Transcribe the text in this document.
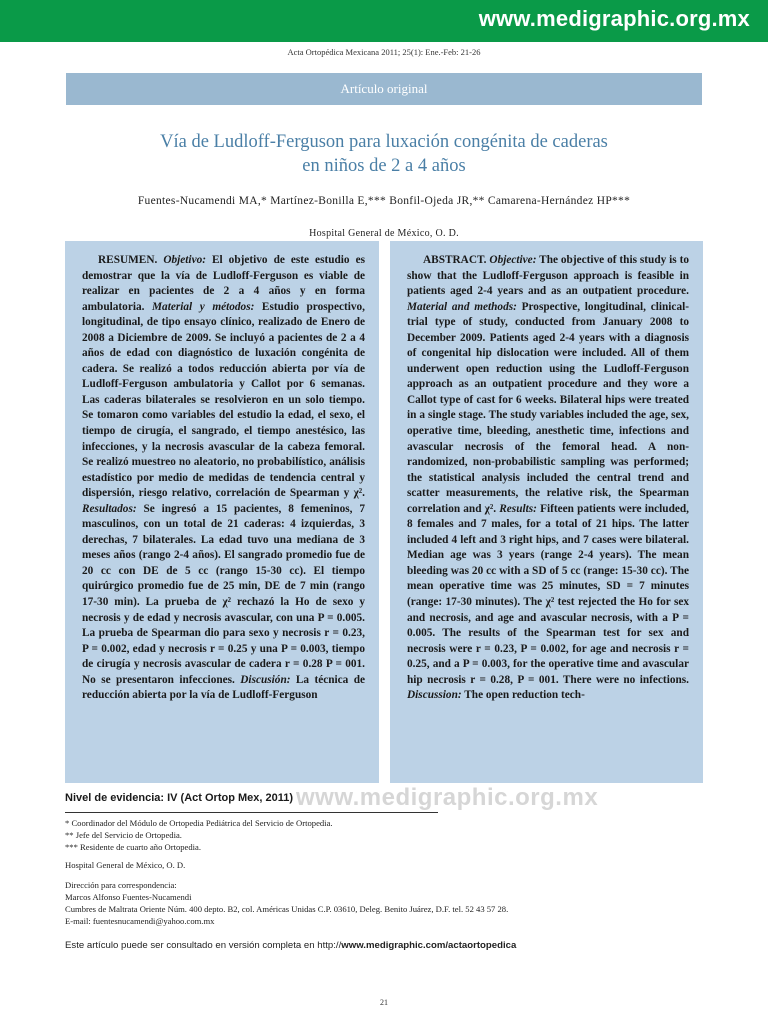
www.medigraphic.org.mx
Acta Ortopédica Mexicana 2011; 25(1): Ene.-Feb: 21-26
Artículo original
Vía de Ludloff-Ferguson para luxación congénita de caderas
en niños de 2 a 4 años
Fuentes-Nucamendi MA,* Martínez-Bonilla E,*** Bonfil-Ojeda JR,** Camarena-Hernández HP***
Hospital General de México, O. D.

RESUMEN. Objetivo: El objetivo de este estudio es demostrar que la vía de Ludloff-Ferguson es viable de realizar en pacientes de 2 a 4 años y en forma ambulatoria. Material y métodos: Estudio prospectivo, longitudinal, de tipo ensayo clínico, realizado de Enero de 2008 a Diciembre de 2009. Se incluyó a pacientes de 2 a 4 años de edad con diagnóstico de luxación congénita de cadera. Se realizó a todos reducción abierta por vía de Ludloff-Ferguson ambulatoria y Callot por 6 semanas. Las caderas bilaterales se resolvieron en un solo tiempo. Se tomaron como variables del estudio la edad, el sexo, el tiempo de cirugía, el sangrado, el tiempo anestésico, las infecciones, y la necrosis avascular de la cabeza femoral. Se realizó muestreo no aleatorio, no probabilístico, análisis estadístico por medio de medidas de tendencia central y dispersión, riesgo relativo, correlación de Spearman y χ². Resultados: Se ingresó a 15 pacientes, 8 femeninos, 7 masculinos, con un total de 21 caderas: 4 izquierdas, 3 derechas, 7 bilaterales. La edad tuvo una mediana de 3 meses años (rango 2-4 años). El sangrado promedio fue de 20 cc con DE de 5 cc (rango 15-30 cc). El tiempo quirúrgico promedio fue de 25 min, DE de 7 min (rango 17-30 min). La prueba de χ² rechazó la Ho de sexo y necrosis y de edad y necrosis avascular, con una P = 0.005. La prueba de Spearman dio para sexo y necrosis r = 0.23, P = 0.002, edad y necrosis r = 0.25 y una P = 0.003, tiempo de cirugía y necrosis avascular de cadera r = 0.28 P = 001. No se presentaron infecciones. Discusión: La técnica de reducción abierta por la vía de Ludloff-Ferguson

ABSTRACT. Objective: The objective of this study is to show that the Ludloff-Ferguson approach is feasible in patients aged 2-4 years and as an outpatient procedure. Material and methods: Prospective, longitudinal, clinical-trial type of study, conducted from January 2008 to December 2009. Patients aged 2-4 years with a diagnosis of congenital hip dislocation were included. All of them underwent open reduction using the Ludloff-Ferguson approach as an outpatient procedure and they wore a Callot type of cast for 6 weeks. Bilateral hips were treated in a single stage. The study variables included the age, sex, operative time, bleeding, anesthetic time, infections and avascular necrosis of the femoral head. A non-randomized, non-probabilistic sampling was performed; the statistical analysis included the central trend and scatter measurements, the relative risk, the Spearman correlation and χ². Results: Fifteen patients were included, 8 females and 7 males, for a total of 21 hips. The latter included 4 left and 3 right hips, and 7 cases were bilateral. Median age was 3 years (range 2-4 years). The mean bleeding was 20 cc with a SD of 5 cc (range: 15-30 cc). The mean operative time was 25 minutes, SD = 7 minutes (range: 17-30 minutes). The χ² test rejected the Ho for sex and necrosis, and age and avascular necrosis, with a P = 0.005. The results of the Spearman test for sex and necrosis were r = 0.23, P = 0.002, for age and necrosis r = 0.25, and a P = 0.003, for the operative time and avascular hip necrosis r = 0.28, P = 001. There were no infections. Discussion: The open reduction tech-

www.medigraphic.org.mx
Nivel de evidencia: IV (Act Ortop Mex, 2011)
* Coordinador del Módulo de Ortopedia Pediátrica del Servicio de Ortopedia.
** Jefe del Servicio de Ortopedia.
*** Residente de cuarto año Ortopedia.
Hospital General de México, O. D.
Dirección para correspondencia:
Marcos Alfonso Fuentes-Nucamendi
Cumbres de Maltrata Oriente Núm. 400 depto. B2, col. Américas Unidas C.P. 03610, Deleg. Benito Juárez, D.F. tel. 52 43 57 28.
E-mail: fuentesnucamendi@yahoo.com.mx
Este artículo puede ser consultado en versión completa en http://www.medigraphic.com/actaortopedica
21
